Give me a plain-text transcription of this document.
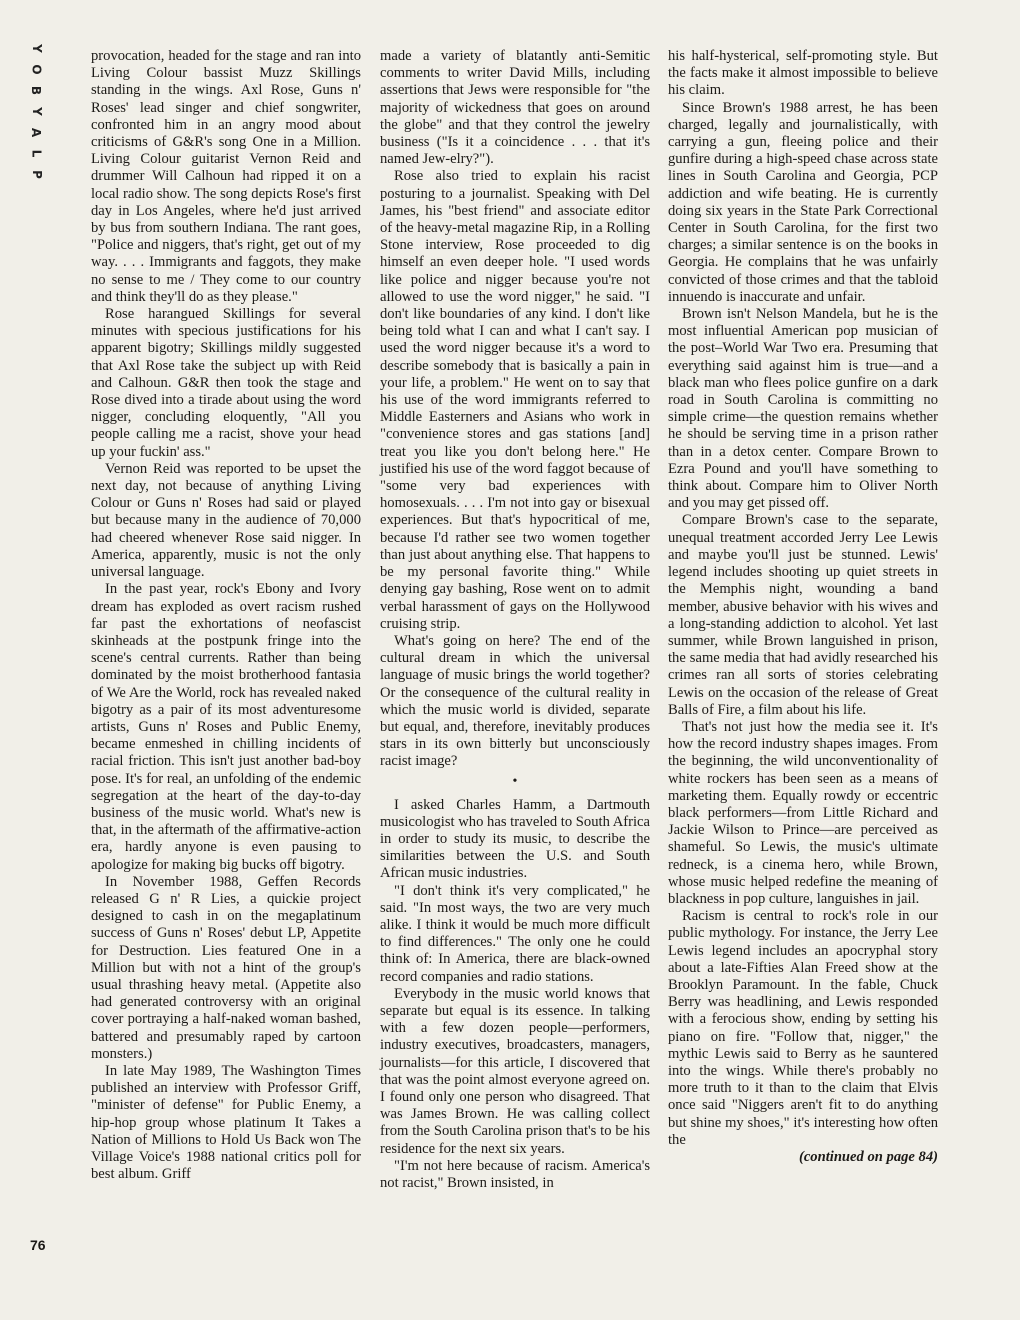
Y
O
B
Y
A
L
P
76

provocation, headed for the stage and ran into Living Colour bassist Muzz Skillings standing in the wings. Axl Rose, Guns n' Roses' lead singer and chief songwriter, confronted him in an angry mood about criticisms of G&R's song One in a Million. Living Colour guitarist Vernon Reid and drummer Will Calhoun had ripped it on a local radio show. The song depicts Rose's first day in Los Angeles, where he'd just arrived by bus from southern Indiana. The rant goes, "Police and niggers, that's right, get out of my way. . . . Immigrants and faggots, they make no sense to me / They come to our country and think they'll do as they please."

Rose harangued Skillings for several minutes with specious justifications for his apparent bigotry; Skillings mildly suggested that Axl Rose take the subject up with Reid and Calhoun. G&R then took the stage and Rose dived into a tirade about using the word nigger, concluding eloquently, "All you people calling me a racist, shove your head up your fuckin' ass."

Vernon Reid was reported to be upset the next day, not because of anything Living Colour or Guns n' Roses had said or played but because many in the audience of 70,000 had cheered whenever Rose said nigger. In America, apparently, music is not the only universal language.

In the past year, rock's Ebony and Ivory dream has exploded as overt racism rushed far past the exhortations of neofascist skinheads at the postpunk fringe into the scene's central currents. Rather than being dominated by the moist brotherhood fantasia of We Are the World, rock has revealed naked bigotry as a pair of its most adventuresome artists, Guns n' Roses and Public Enemy, became enmeshed in chilling incidents of racial friction. This isn't just another bad-boy pose. It's for real, an unfolding of the endemic segregation at the heart of the day-to-day business of the music world. What's new is that, in the aftermath of the affirmative-action era, hardly anyone is even pausing to apologize for making big bucks off bigotry.

In November 1988, Geffen Records released G n' R Lies, a quickie project designed to cash in on the megaplatinum success of Guns n' Roses' debut LP, Appetite for Destruction. Lies featured One in a Million but with not a hint of the group's usual thrashing heavy metal. (Appetite also had generated controversy with an original cover portraying a half-naked woman bashed, battered and presumably raped by cartoon monsters.)

In late May 1989, The Washington Times published an interview with Professor Griff, "minister of defense" for Public Enemy, a hip-hop group whose platinum It Takes a Nation of Millions to Hold Us Back won The Village Voice's 1988 national critics poll for best album. Griff

made a variety of blatantly anti-Semitic comments to writer David Mills, including assertions that Jews were responsible for "the majority of wickedness that goes on around the globe" and that they control the jewelry business ("Is it a coincidence . . . that it's named Jew-elry?").

Rose also tried to explain his racist posturing to a journalist. Speaking with Del James, his "best friend" and associate editor of the heavy-metal magazine Rip, in a Rolling Stone interview, Rose proceeded to dig himself an even deeper hole. "I used words like police and nigger because you're not allowed to use the word nigger," he said. "I don't like boundaries of any kind. I don't like being told what I can and what I can't say. I used the word nigger because it's a word to describe somebody that is basically a pain in your life, a problem." He went on to say that his use of the word immigrants referred to Middle Easterners and Asians who work in "convenience stores and gas stations [and] treat you like you don't belong here." He justified his use of the word faggot because of "some very bad experiences with homosexuals. . . . I'm not into gay or bisexual experiences. But that's hypocritical of me, because I'd rather see two women together than just about anything else. That happens to be my personal favorite thing." While denying gay bashing, Rose went on to admit verbal harassment of gays on the Hollywood cruising strip.

What's going on here? The end of the cultural dream in which the universal language of music brings the world together? Or the consequence of the cultural reality in which the music world is divided, separate but equal, and, therefore, inevitably produces stars in its own bitterly but unconsciously racist image?

•

I asked Charles Hamm, a Dartmouth musicologist who has traveled to South Africa in order to study its music, to describe the similarities between the U.S. and South African music industries.

"I don't think it's very complicated," he said. "In most ways, the two are very much alike. I think it would be much more difficult to find differences." The only one he could think of: In America, there are black-owned record companies and radio stations.

Everybody in the music world knows that separate but equal is its essence. In talking with a few dozen people—performers, industry executives, broadcasters, managers, journalists—for this article, I discovered that that was the point almost everyone agreed on. I found only one person who disagreed. That was James Brown. He was calling collect from the South Carolina prison that's to be his residence for the next six years.

"I'm not here because of racism. America's not racist," Brown insisted, in

his half-hysterical, self-promoting style. But the facts make it almost impossible to believe his claim.

Since Brown's 1988 arrest, he has been charged, legally and journalistically, with carrying a gun, fleeing police and their gunfire during a high-speed chase across state lines in South Carolina and Georgia, PCP addiction and wife beating. He is currently doing six years in the State Park Correctional Center in South Carolina, for the first two charges; a similar sentence is on the books in Georgia. He complains that he was unfairly convicted of those crimes and that the tabloid innuendo is inaccurate and unfair.

Brown isn't Nelson Mandela, but he is the most influential American pop musician of the post–World War Two era. Presuming that everything said against him is true—and a black man who flees police gunfire on a dark road in South Carolina is committing no simple crime—the question remains whether he should be serving time in a prison rather than in a detox center. Compare Brown to Ezra Pound and you'll have something to think about. Compare him to Oliver North and you may get pissed off.

Compare Brown's case to the separate, unequal treatment accorded Jerry Lee Lewis and maybe you'll just be stunned. Lewis' legend includes shooting up quiet streets in the Memphis night, wounding a band member, abusive behavior with his wives and a long-standing addiction to alcohol. Yet last summer, while Brown languished in prison, the same media that had avidly researched his crimes ran all sorts of stories celebrating Lewis on the occasion of the release of Great Balls of Fire, a film about his life.

That's not just how the media see it. It's how the record industry shapes images. From the beginning, the wild unconventionality of white rockers has been seen as a means of marketing them. Equally rowdy or eccentric black performers—from Little Richard and Jackie Wilson to Prince—are perceived as shameful. So Lewis, the music's ultimate redneck, is a cinema hero, while Brown, whose music helped redefine the meaning of blackness in pop culture, languishes in jail.

Racism is central to rock's role in our public mythology. For instance, the Jerry Lee Lewis legend includes an apocryphal story about a late-Fifties Alan Freed show at the Brooklyn Paramount. In the fable, Chuck Berry was headlining, and Lewis responded with a ferocious show, ending by setting his piano on fire. "Follow that, nigger," the mythic Lewis said to Berry as he sauntered into the wings. While there's probably no more truth to it than to the claim that Elvis once said "Niggers aren't fit to do anything but shine my shoes," it's interesting how often the

(continued on page 84)
